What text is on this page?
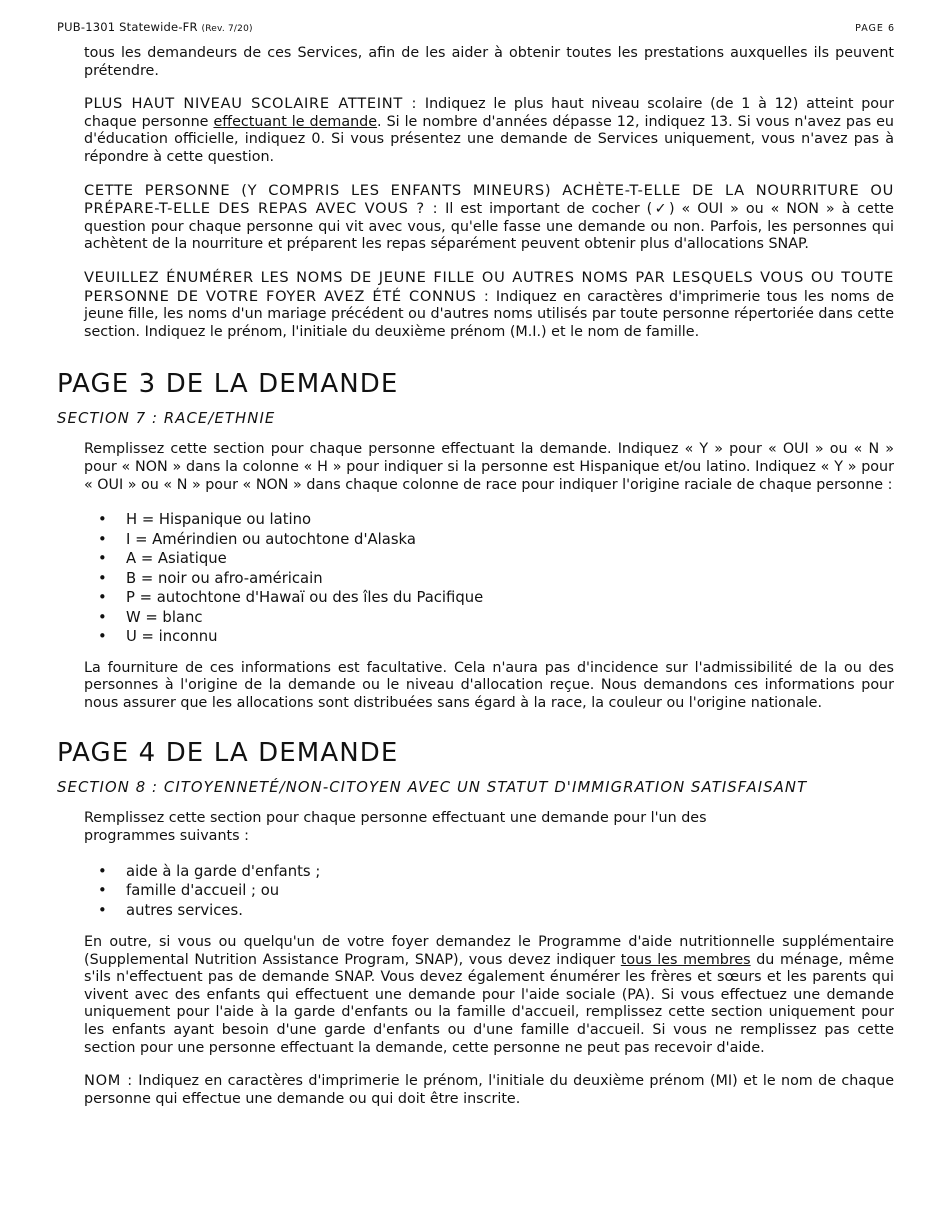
PUB-1301 Statewide-FR (Rev. 7/20)	PAGE 6

tous les demandeurs de ces Services, afin de les aider à obtenir toutes les prestations auxquelles ils peuvent prétendre.

PLUS HAUT NIVEAU SCOLAIRE ATTEINT : Indiquez le plus haut niveau scolaire (de 1 à 12) atteint pour chaque personne effectuant le demande. Si le nombre d'années dépasse 12, indiquez 13. Si vous n'avez pas eu d'éducation officielle, indiquez 0. Si vous présentez une demande de Services uniquement, vous n'avez pas à répondre à cette question.

CETTE PERSONNE (Y COMPRIS LES ENFANTS MINEURS) ACHÈTE-T-ELLE DE LA NOURRITURE OU PRÉPARE-T-ELLE DES REPAS AVEC VOUS ? : Il est important de cocher (✓) « OUI » ou « NON » à cette question pour chaque personne qui vit avec vous, qu'elle fasse une demande ou non. Parfois, les personnes qui achètent de la nourriture et préparent les repas séparément peuvent obtenir plus d'allocations SNAP.

VEUILLEZ ÉNUMÉRER LES NOMS DE JEUNE FILLE OU AUTRES NOMS PAR LESQUELS VOUS OU TOUTE PERSONNE DE VOTRE FOYER AVEZ ÉTÉ CONNUS : Indiquez en caractères d'imprimerie tous les noms de jeune fille, les noms d'un mariage précédent ou d'autres noms utilisés par toute personne répertoriée dans cette section. Indiquez le prénom, l'initiale du deuxième prénom (M.I.) et le nom de famille.

PAGE 3 DE LA DEMANDE
SECTION 7 : RACE/ETHNIE

Remplissez cette section pour chaque personne effectuant la demande. Indiquez « Y » pour « OUI » ou « N » pour « NON » dans la colonne « H » pour indiquer si la personne est Hispanique et/ou latino. Indiquez « Y » pour « OUI » ou « N » pour « NON » dans chaque colonne de race pour indiquer l'origine raciale de chaque personne :

• H = Hispanique ou latino
• I = Amérindien ou autochtone d'Alaska
• A = Asiatique
• B = noir ou afro-américain
• P = autochtone d'Hawaï ou des îles du Pacifique
• W = blanc
• U = inconnu

La fourniture de ces informations est facultative. Cela n'aura pas d'incidence sur l'admissibilité de la ou des personnes à l'origine de la demande ou le niveau d'allocation reçue. Nous demandons ces informations pour nous assurer que les allocations sont distribuées sans égard à la race, la couleur ou l'origine nationale.

PAGE 4 DE LA DEMANDE
SECTION 8 : CITOYENNETÉ/NON-CITOYEN AVEC UN STATUT D'IMMIGRATION SATISFAISANT

Remplissez cette section pour chaque personne effectuant une demande pour l'un des
programmes suivants :

• aide à la garde d'enfants ;
• famille d'accueil ; ou
• autres services.

En outre, si vous ou quelqu'un de votre foyer demandez le Programme d'aide nutritionnelle supplémentaire (Supplemental Nutrition Assistance Program, SNAP), vous devez indiquer tous les membres du ménage, même s'ils n'effectuent pas de demande SNAP. Vous devez également énumérer les frères et sœurs et les parents qui vivent avec des enfants qui effectuent une demande pour l'aide sociale (PA). Si vous effectuez une demande uniquement pour l'aide à la garde d'enfants ou la famille d'accueil, remplissez cette section uniquement pour les enfants ayant besoin d'une garde d'enfants ou d'une famille d'accueil. Si vous ne remplissez pas cette section pour une personne effectuant la demande, cette personne ne peut pas recevoir d'aide.

NOM : Indiquez en caractères d'imprimerie le prénom, l'initiale du deuxième prénom (MI) et le nom de chaque personne qui effectue une demande ou qui doit être inscrite.
